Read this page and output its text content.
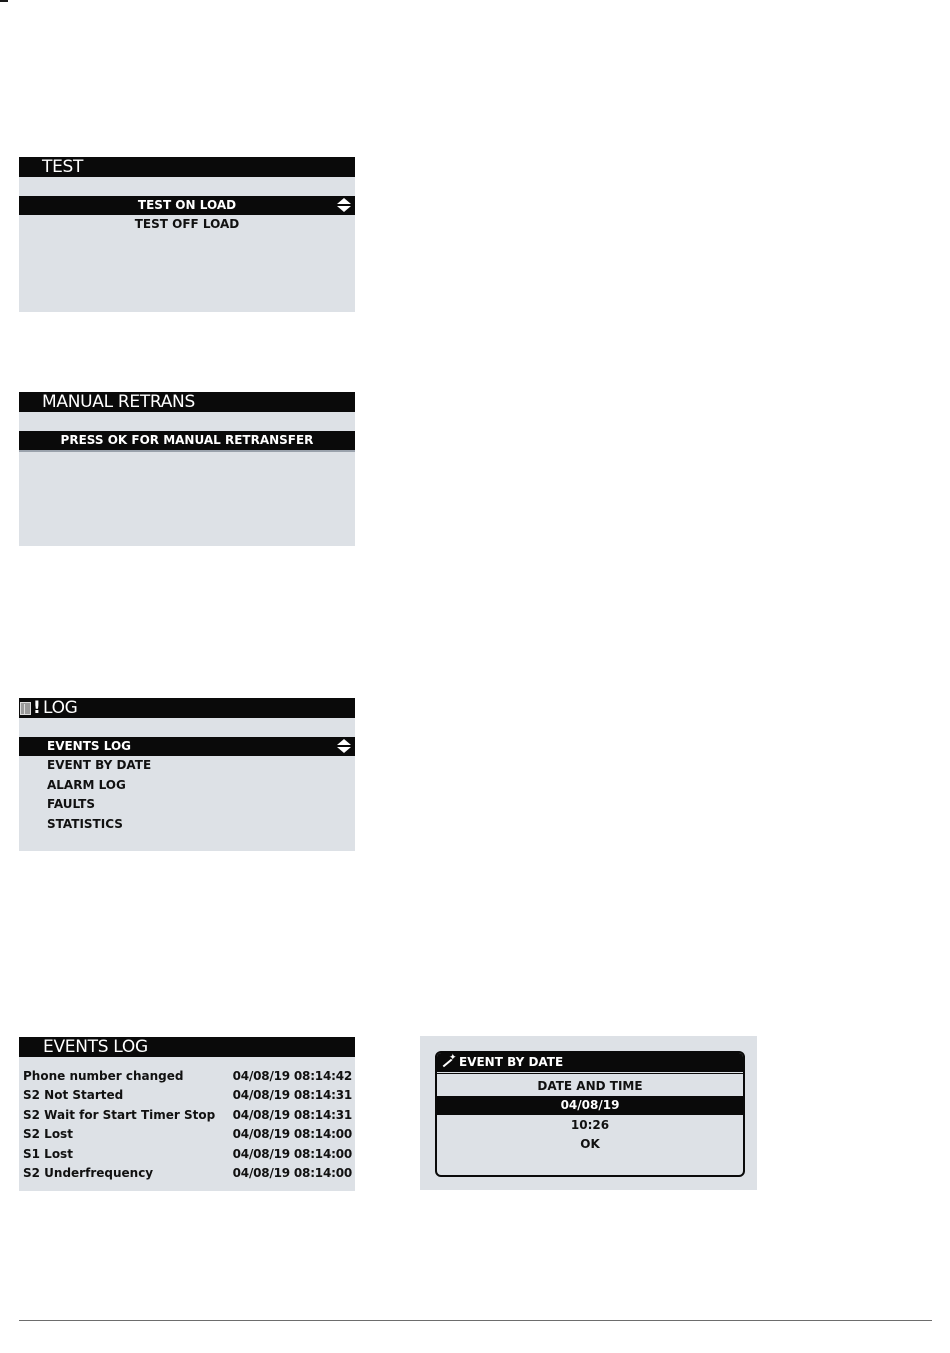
TEST
TEST ON LOAD
TEST OFF LOAD
MANUAL RETRANS
PRESS OK FOR MANUAL RETRANSFER
! LOG
EVENTS LOG
EVENT BY DATE
ALARM LOG
FAULTS
STATISTICS
EVENTS LOG
Phone number changed	04/08/19 08:14:42
S2 Not Started	04/08/19 08:14:31
S2 Wait for Start Timer Stop 04/08/19 08:14:31
S2 Lost	04/08/19 08:14:00
S1 Lost	04/08/19 08:14:00
S2 Underfrequency	04/08/19 08:14:00
✦ EVENT BY DATE
DATE AND TIME
04/08/19
10:26
OK
